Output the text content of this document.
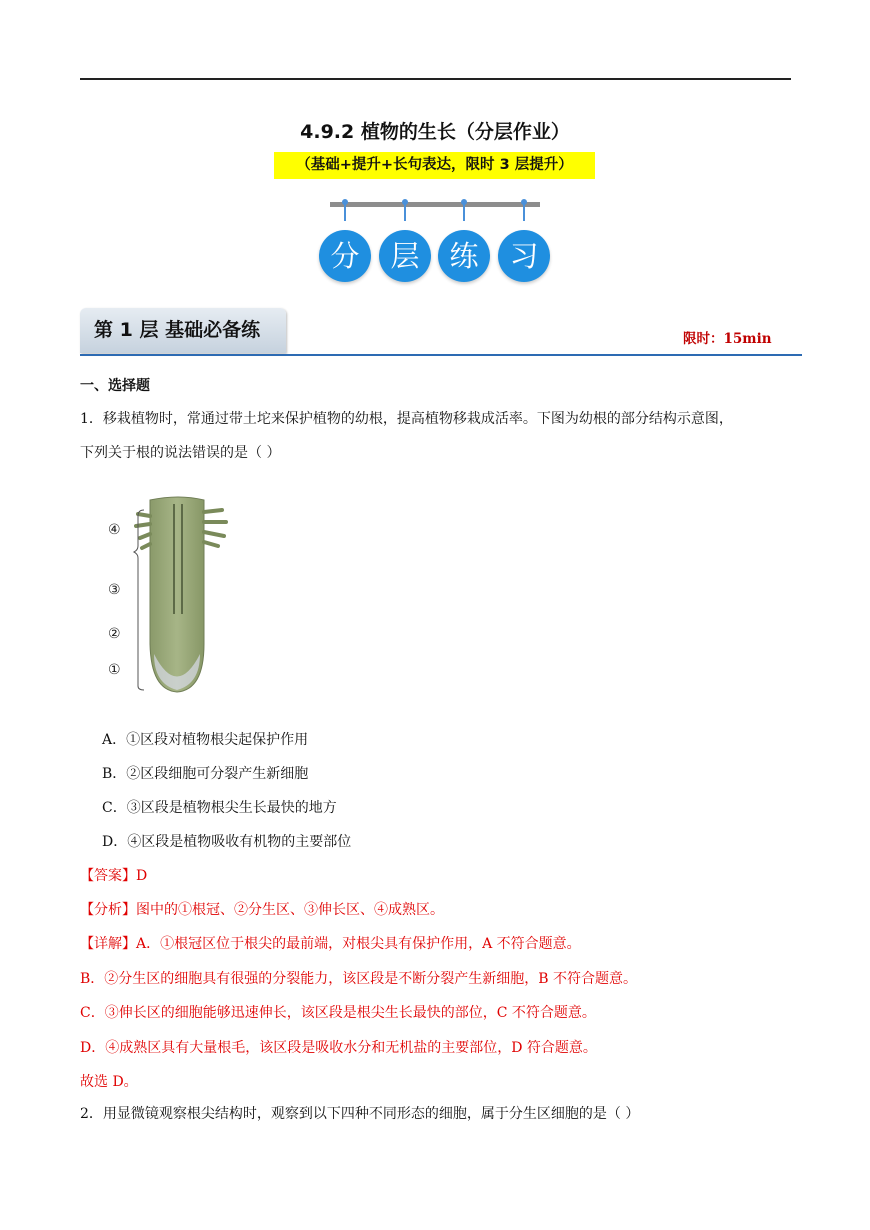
4.9.2 植物的生长（分层作业）
（基础+提升+长句表达，限时 3 层提升）
分	层	练	习
第 1 层 基础必备练	限时：15min
一、选择题
1．移栽植物时，常通过带土坨来保护植物的幼根，提高植物移栽成活率。下图为幼根的部分结构示意图，
下列关于根的说法错误的是（ ）
④
③
②
①
A．①区段对植物根尖起保护作用
B．②区段细胞可分裂产生新细胞
C．③区段是植物根尖生长最快的地方
D．④区段是植物吸收有机物的主要部位
【答案】D
【分析】图中的①根冠、②分生区、③伸长区、④成熟区。
【详解】A．①根冠区位于根尖的最前端，对根尖具有保护作用，A 不符合题意。
B．②分生区的细胞具有很强的分裂能力，该区段是不断分裂产生新细胞，B 不符合题意。
C．③伸长区的细胞能够迅速伸长，该区段是根尖生长最快的部位，C 不符合题意。
D．④成熟区具有大量根毛，该区段是吸收水分和无机盐的主要部位，D 符合题意。
故选 D。
2．用显微镜观察根尖结构时，观察到以下四种不同形态的细胞，属于分生区细胞的是（ ）
